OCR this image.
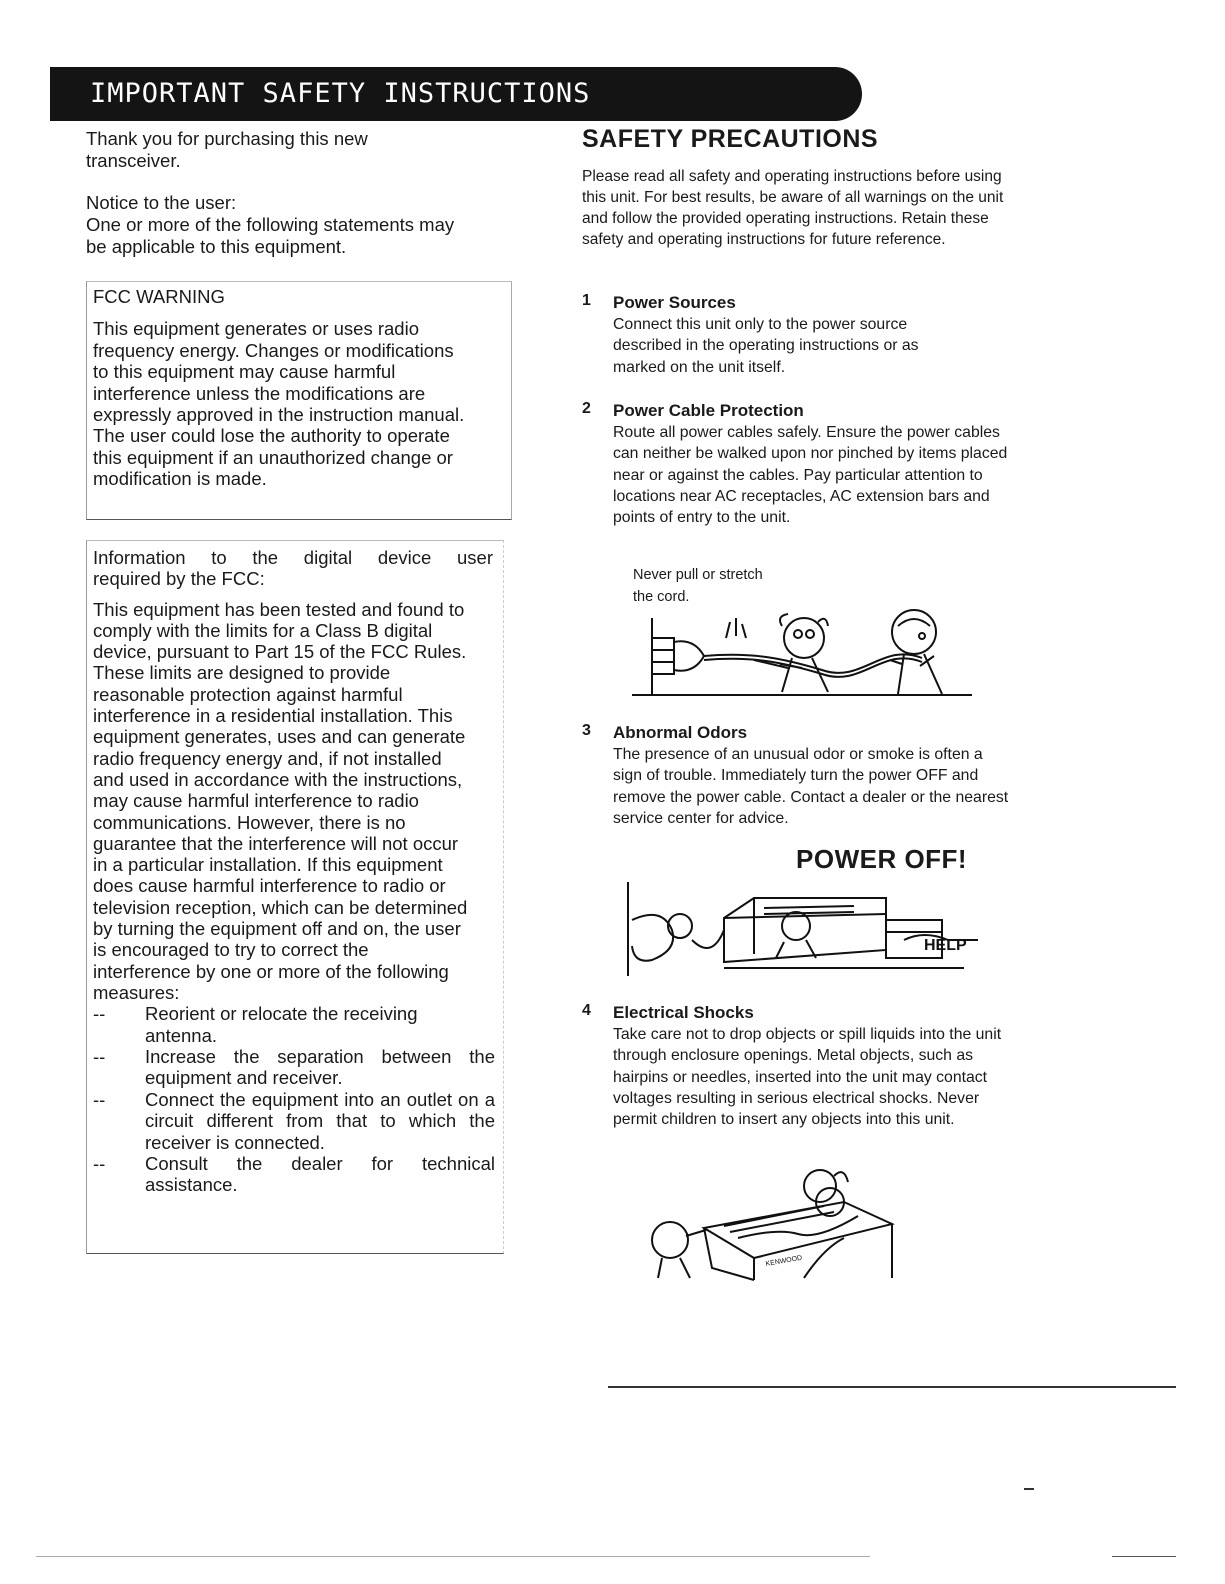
IMPORTANT SAFETY INSTRUCTIONS

Thank you for purchasing this new transceiver.

Notice to the user:
One or more of the following statements may be applicable to this equipment.

FCC WARNING

This equipment generates or uses radio frequency energy. Changes or modifications to this equipment may cause harmful interference unless the modifications are expressly approved in the instruction manual. The user could lose the authority to operate this equipment if an unauthorized change or modification is made.

Information to the digital device user
required by the FCC:

This equipment has been tested and found to comply with the limits for a Class B digital device, pursuant to Part 15 of the FCC Rules. These limits are designed to provide reasonable protection against harmful interference in a residential installation. This equipment generates, uses and can generate radio frequency energy and, if not installed and used in accordance with the instructions, may cause harmful interference to radio communications. However, there is no guarantee that the interference will not occur in a particular installation. If this equipment does cause harmful interference to radio or television reception, which can be determined by turning the equipment off and on, the user is encouraged to try to correct the interference by one or more of the following measures:

--	Reorient or relocate the receiving antenna.
--	Increase the separation between the equipment and receiver.
--	Connect the equipment into an outlet on a circuit different from that to which the receiver is connected.
--	Consult the dealer for technical assistance.
SAFETY PRECAUTIONS

Please read all safety and operating instructions before using this unit. For best results, be aware of all warnings on the unit and follow the provided operating instructions. Retain these safety and operating instructions for future reference.

1 Power Sources
Connect this unit only to the power source described in the operating instructions or as marked on the unit itself.
2 Power Cable Protection
Route all power cables safely. Ensure the power cables can neither be walked upon nor pinched by items placed near or against the cables. Pay particular attention to locations near AC receptacles, AC extension bars and points of entry to the unit.
Never pull or stretch
the cord.
3 Abnormal Odors
The presence of an unusual odor or smoke is often a sign of trouble. Immediately turn the power OFF and remove the power cable. Contact a dealer or the nearest service center for advice.
POWER OFF!
HELP
4 Electrical Shocks
Take care not to drop objects or spill liquids into the unit through enclosure openings. Metal objects, such as hairpins or needles, inserted into the unit may contact voltages resulting in serious electrical shocks. Never permit children to insert any objects into this unit.
KENWOOD
